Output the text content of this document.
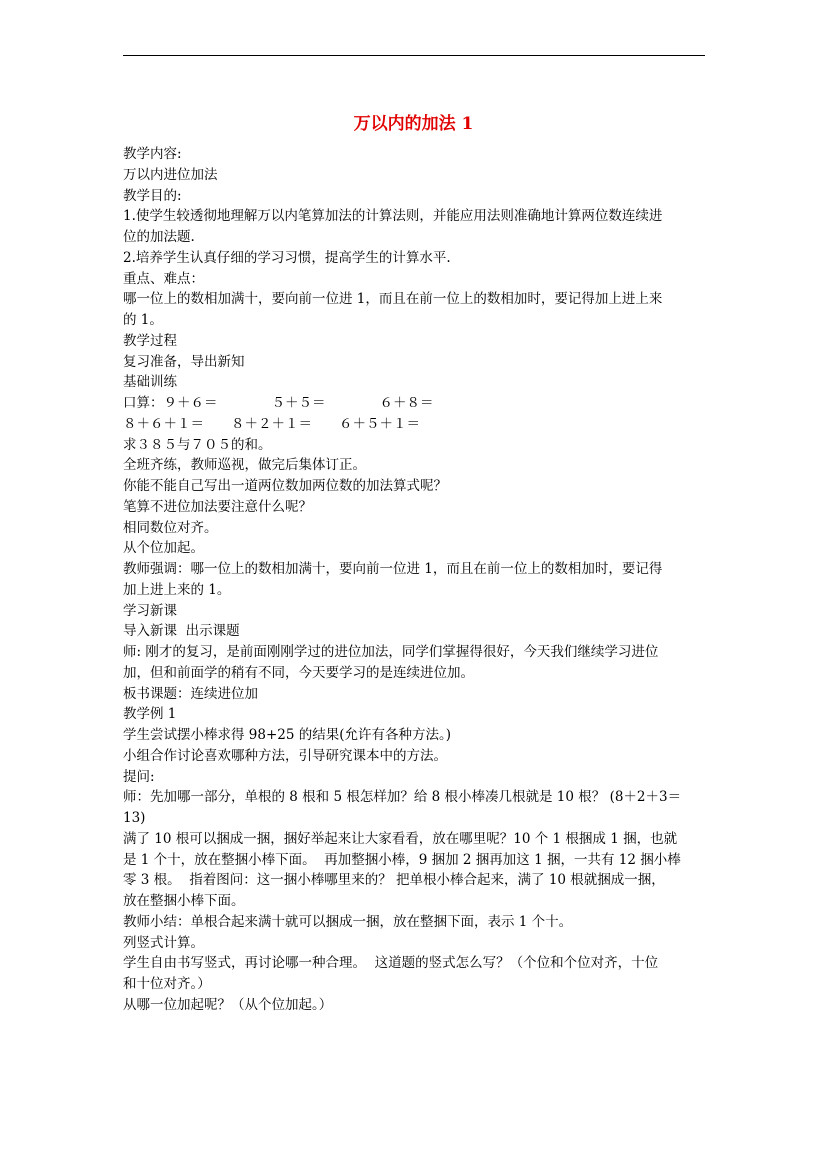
万以内的加法 1
教学内容:
万以内进位加法
教学目的:
1.使学生较透彻地理解万以内笔算加法的计算法则，并能应用法则准确地计算两位数连续进
位的加法题.
2.培养学生认真仔细的学习习惯，提高学生的计算水平.
重点、难点：
哪一位上的数相加满十，要向前一位进 1，而且在前一位上的数相加时，要记得加上进上来
的 1。
教学过程
复习准备，导出新知
基础训练
口算：９＋６＝　　　　５＋５＝　　　　６＋８＝
８＋６＋１＝　　８＋２＋１＝　　６＋５＋１＝
求３８５与７０５的和。
全班齐练，教师巡视，做完后集体订正。
你能不能自己写出一道两位数加两位数的加法算式呢？
笔算不进位加法要注意什么呢？
相同数位对齐。
从个位加起。
教师强调：哪一位上的数相加满十，要向前一位进 1，而且在前一位上的数相加时，要记得
加上进上来的 1。
学习新课
导入新课  出示课题
师: 刚才的复习，是前面刚刚学过的进位加法，同学们掌握得很好，今天我们继续学习进位
加，但和前面学的稍有不同，今天要学习的是连续进位加。
板书课题：连续进位加
教学例 1
学生尝试摆小棒求得 98+25 的结果(允许有各种方法。)
小组合作讨论喜欢哪种方法，引导研究课本中的方法。
提问:
师：先加哪一部分，单根的 8 根和 5 根怎样加？给 8 根小棒凑几根就是 10 根？ (8＋2＋3＝
13)
满了 10 根可以捆成一捆，捆好举起来让大家看看，放在哪里呢？10 个 1 根捆成 1 捆，也就
是 1 个十，放在整捆小棒下面。  再加整捆小棒，9 捆加 2 捆再加这 1 捆，一共有 12 捆小棒
零 3 根。  指着图问：这一捆小棒哪里来的？ 把单根小棒合起来，满了 10 根就捆成一捆，
放在整捆小棒下面。
教师小结：单根合起来满十就可以捆成一捆，放在整捆下面，表示 1 个十。
列竖式计算。
学生自由书写竖式，再讨论哪一种合理。  这道题的竖式怎么写？（个位和个位对齐，十位
和十位对齐。）
从哪一位加起呢？（从个位加起。）
